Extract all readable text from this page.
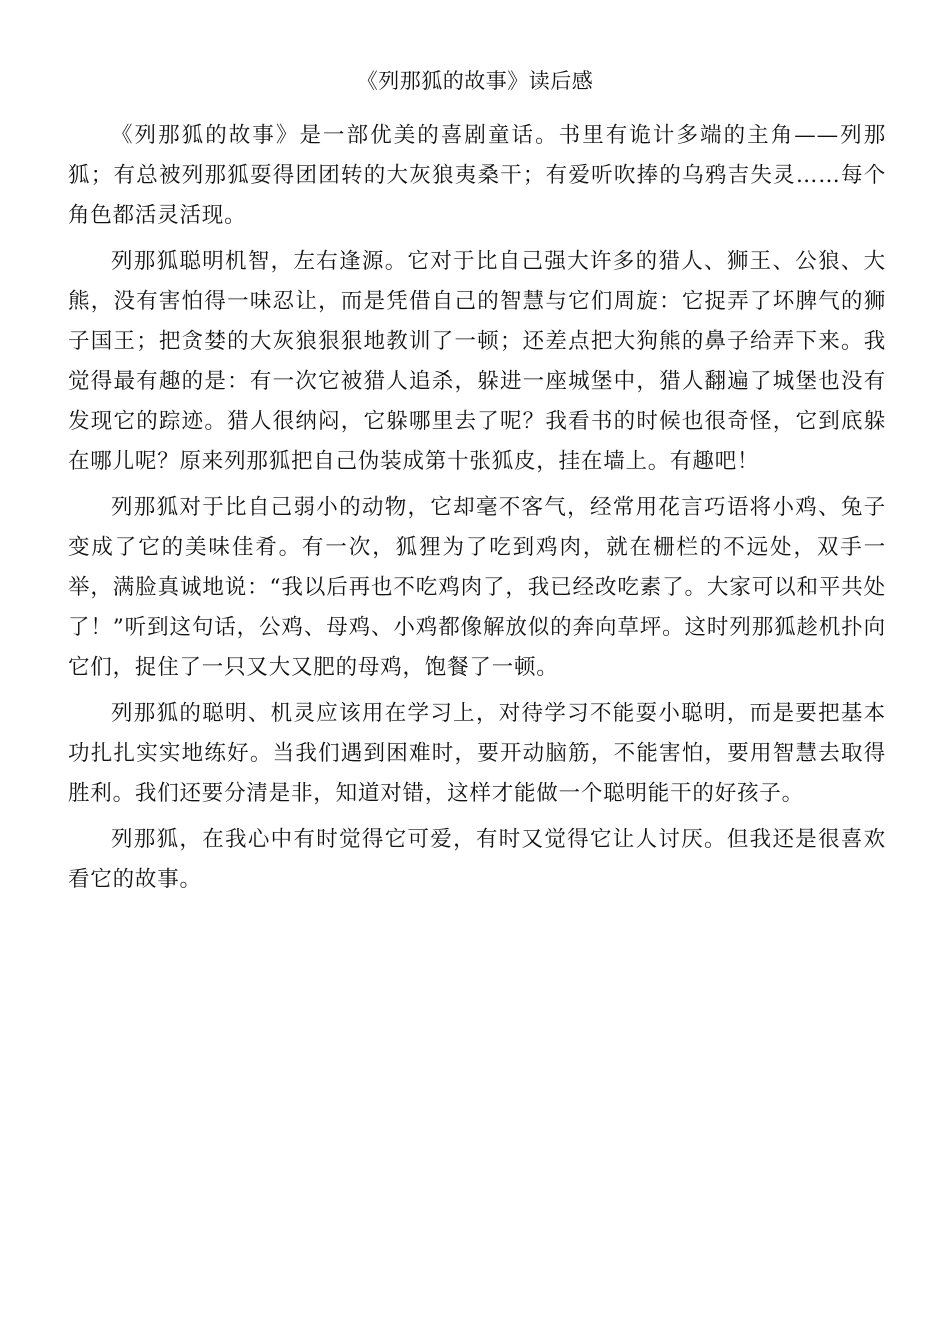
《列那狐的故事》读后感

《列那狐的故事》是一部优美的喜剧童话。书里有诡计多端的主角——列那狐；有总被列那狐耍得团团转的大灰狼夷桑干；有爱听吹捧的乌鸦吉失灵……每个角色都活灵活现。

列那狐聪明机智，左右逢源。它对于比自己强大许多的猎人、狮王、公狼、大熊，没有害怕得一味忍让，而是凭借自己的智慧与它们周旋：它捉弄了坏脾气的狮子国王；把贪婪的大灰狼狠狠地教训了一顿；还差点把大狗熊的鼻子给弄下来。我觉得最有趣的是：有一次它被猎人追杀，躲进一座城堡中，猎人翻遍了城堡也没有发现它的踪迹。猎人很纳闷，它躲哪里去了呢？我看书的时候也很奇怪，它到底躲在哪儿呢？原来列那狐把自己伪装成第十张狐皮，挂在墙上。有趣吧！

列那狐对于比自己弱小的动物，它却毫不客气，经常用花言巧语将小鸡、兔子变成了它的美味佳肴。有一次，狐狸为了吃到鸡肉，就在栅栏的不远处，双手一举，满脸真诚地说：“我以后再也不吃鸡肉了，我已经改吃素了。大家可以和平共处了！”听到这句话，公鸡、母鸡、小鸡都像解放似的奔向草坪。这时列那狐趁机扑向它们，捉住了一只又大又肥的母鸡，饱餐了一顿。

列那狐的聪明、机灵应该用在学习上，对待学习不能耍小聪明，而是要把基本功扎扎实实地练好。当我们遇到困难时，要开动脑筋，不能害怕，要用智慧去取得胜利。我们还要分清是非，知道对错，这样才能做一个聪明能干的好孩子。

列那狐，在我心中有时觉得它可爱，有时又觉得它让人讨厌。但我还是很喜欢看它的故事。
